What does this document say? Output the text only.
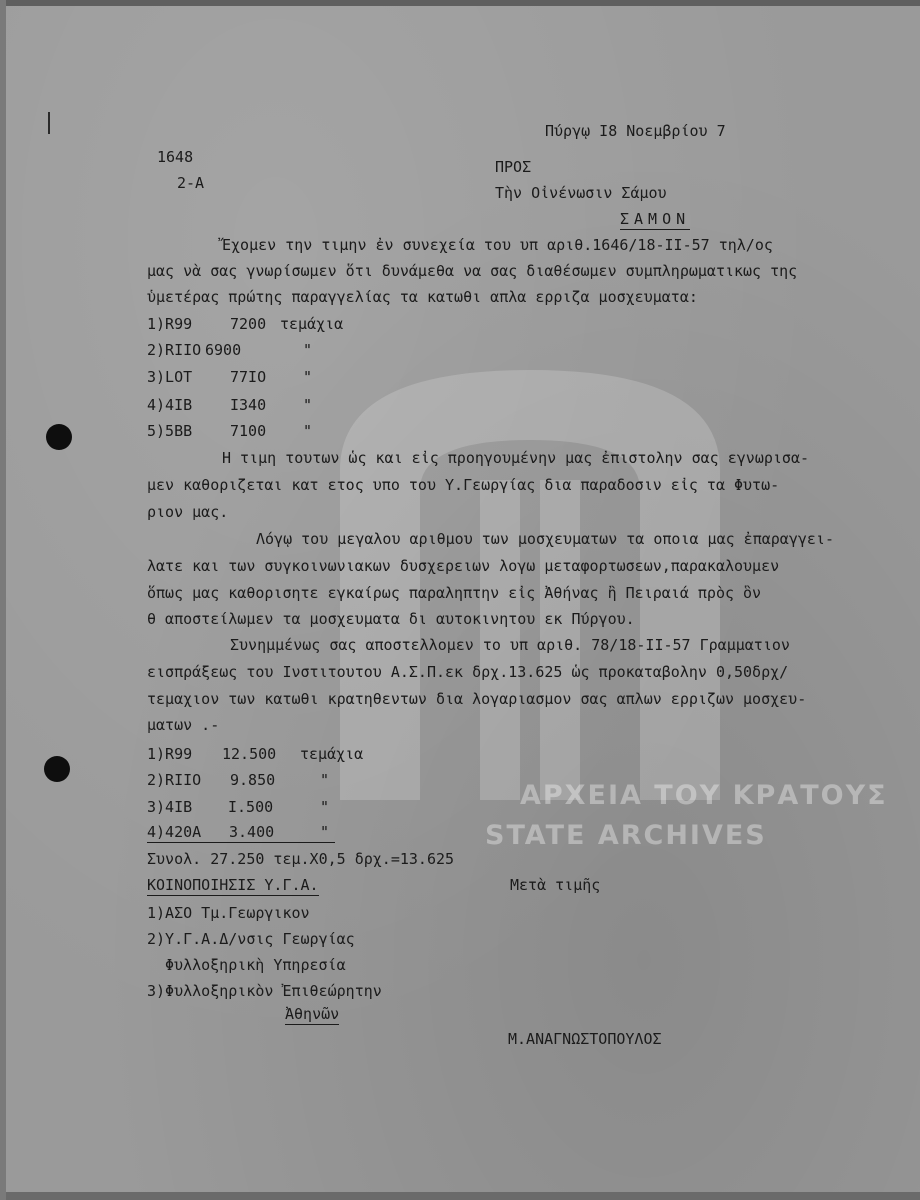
ΑΡΧΕΙΑ ΤΟΥ ΚΡΑΤΟΥΣ
STATE ARCHIVES
Πύργῳ Ι8 Νοεμβρίου 7
1648
ΠΡΟΣ
2-Α
Τὴν Οἰνένωσιν Σάμου
ΣΑΜΟΝ
Ἔχομεν την τιμην ἐν συνεχεία του υπ αριθ.1646/18-ΙΙ-57 τηλ/ος
μας νὰ σας γνωρίσωμεν ὅτι δυνάμεθα να σας διαθέσωμεν συμπληρωματικως της
ὑμετέρας πρώτης παραγγελίας τα κατωθι απλα ερριζα μοσχευματα:
1)R99	7200 τεμάχια
2)RIIO 6900	"
3)LOT	77IO "
4)4IB	I340 "
5)5BB	7100 "
Η τιμη τουτων ὡς και εἰς προηγουμένην μας ἐπιστολην σας εγνωρισα-
μεν καθοριζεται κατ ετος υπο του Υ.Γεωργίας δια παραδοσιν εἰς τα Φυτω-
ριον μας.
Λόγῳ του μεγαλου αριθμου των μοσχευματων τα οποια μας ἐπαραγγει-
λατε και των συγκοινωνιακων δυσχερειων λογω μεταφορτωσεων,παρακαλουμεν
ὅπως μας καθορισητε εγκαίρως παραληπτην εἰς Ἀθήνας ἢ Πειραιά πρὸς ὃν
θ αποστείλωμεν τα μοσχευματα δι αυτοκινητου εκ Πύργου.
Συνημμένως σας αποστελλομεν το υπ αριθ. 78/18-ΙΙ-57 Γραμματιον
εισπράξεως του Ινστιτουτου Α.Σ.Π.εκ δρχ.13.625 ὡς προκαταβολην 0,50δρχ/
τεμαχιον των κατωθι κρατηθεντων δια λογαριασμον σας απλων ερριζων μοσχευ-
ματων .-
1)R99 12.500 τεμάχια
2)RIIO 9.850	"
3)4IB I.500	"
4)420A 3.400	"
Συνολ. 27.250 τεμ.Χ0,5 δρχ.=13.625
ΚΟΙΝΟΠΟΙΗΣΙΣ Υ.Γ.Α.	Μετὰ τιμῆς
1)ΑΣΟ Τμ.Γεωργικον
2)Υ.Γ.Α.Δ/νσις Γεωργίας
Φυλλοξηρικὴ Υπηρεσία
3)Φυλλοξηρικὸν Ἐπιθεώρητην
Ἀθηνῶν
Μ.ΑΝΑΓΝΩΣΤΟΠΟΥΛΟΣ
